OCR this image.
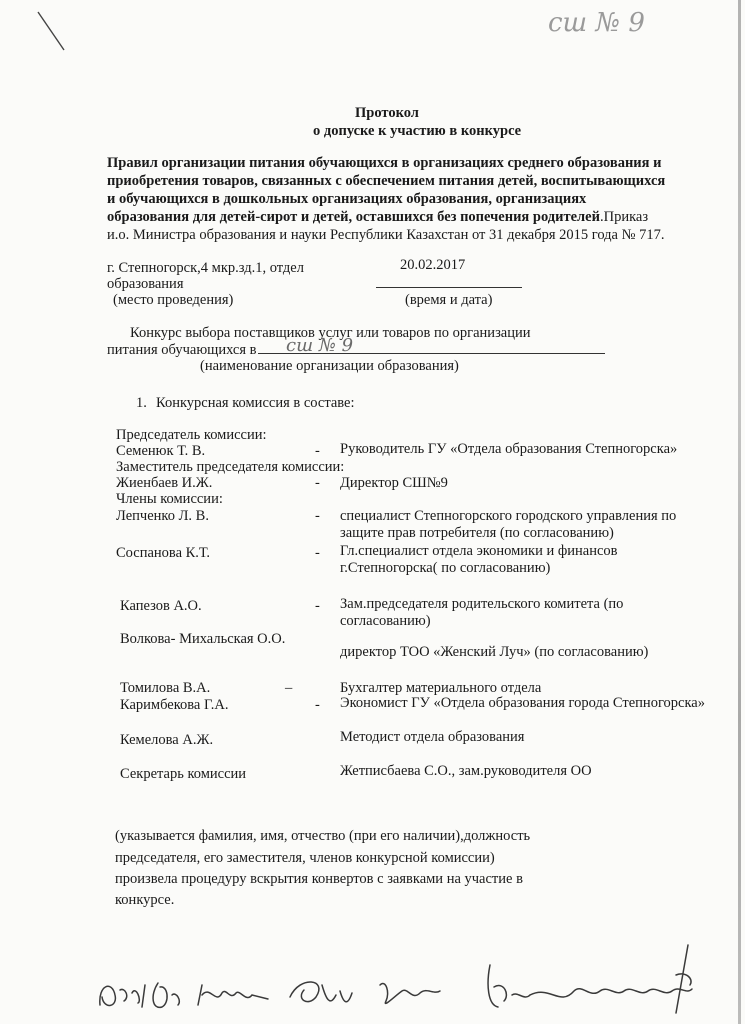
сш № 9
Протокол
о допуске к участию в конкурсе
Правил организации питания обучающихся в организациях среднего образования и
приобретения товаров, связанных с обеспечением питания детей, воспитывающихся
и обучающихся в дошкольных организациях образования, организациях
образования для детей-сирот и детей, оставшихся без попечения родителей.Приказ
и.о. Министра образования и науки Республики Казахстан от 31 декабря 2015 года № 717.
г. Степногорск,4 мкр.зд.1, отдел
образования
(место проведения)
20.02.2017
(время и дата)
Конкурс выбора поставщиков услуг или товаров по организации
питания обучающихся в сш № 9
(наименование организации образования)
1. Конкурсная комиссия в составе:
Председатель комиссии:
Семенюк Т. В.	- Руководитель ГУ «Отдела образования Степногорска»
Заместитель председателя комиссии:
Жиенбаев И.Ж.	- Директор СШ№9
Члены комиссии:
Лепченко Л. В.	- специалист Степногорского городского управления по
защите прав потребителя (по согласованию)
Соспанова К.Т.	- Гл.специалист отдела экономики и финансов
г.Степногорска( по согласованию)
Капезов А.О.	- Зам.председателя родительского комитета (по
согласованию)
Волкова- Михальская О.О.
директор ТОО «Женский Луч» (по согласованию)
Томилова В.А.	–	Бухгалтер материального отдела
Каримбекова Г.А.	- Экономист ГУ «Отдела образования города Степногорска»
Кемелова А.Ж.	Методист отдела образования
Секретарь комиссии	Жетписбаева С.О., зам.руководителя ОО
(указывается фамилия, имя, отчество (при его наличии),должность
председателя, его заместителя, членов конкурсной комиссии)
произвела процедуру вскрытия конвертов с заявками на участие в
конкурсе.
